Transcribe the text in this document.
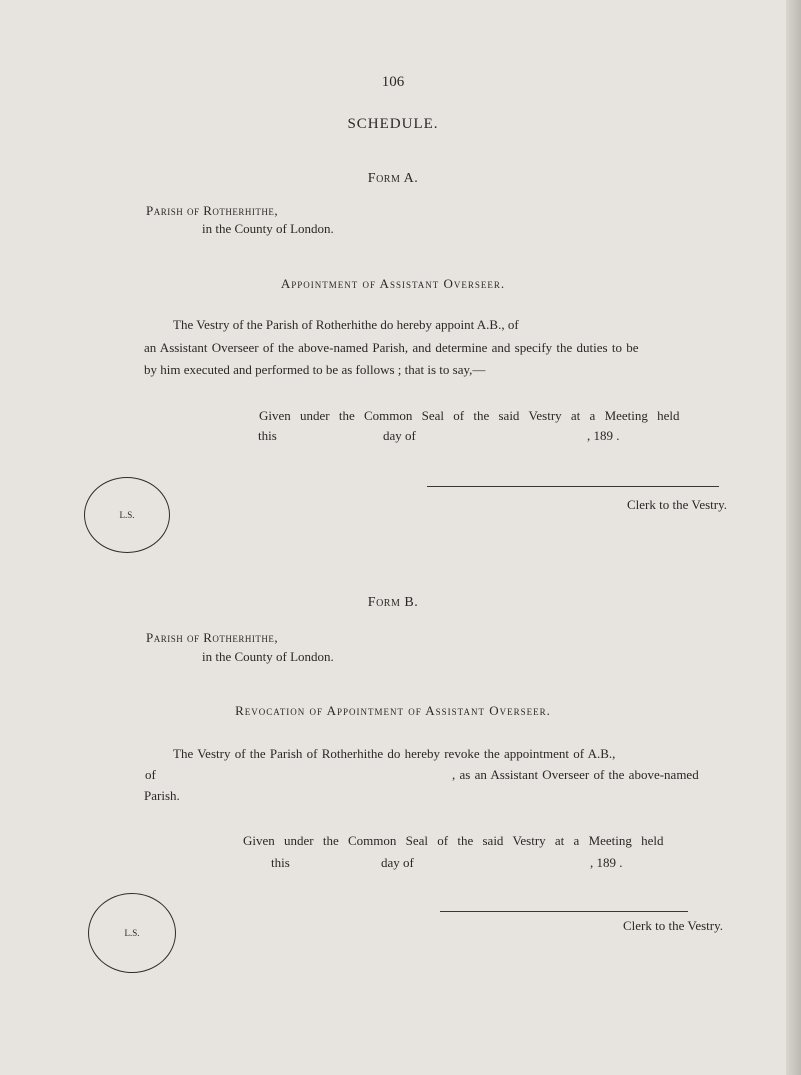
106
SCHEDULE.
Form A.
Parish of Rotherhithe,
in the County of London.
Appointment of Assistant Overseer.
The Vestry of the Parish of Rotherhithe do hereby appoint A.B., of
an Assistant Overseer of the above-named Parish, and determine and specify the duties to be
by him executed and performed to be as follows ; that is to say,—
Given under the Common Seal of the said Vestry at a Meeting held
this	day of	, 189 .
L.S.
Clerk to the Vestry.
Form B.
Parish of Rotherhithe,
in the County of London.
Revocation of Appointment of Assistant Overseer.
The Vestry of the Parish of Rotherhithe do hereby revoke the appointment of A.B.,
of	, as an Assistant Overseer of the above-named
Parish.
Given under the Common Seal of the said Vestry at a Meeting held
this	day of	, 189 .
L.S.	Clerk to the Vestry.
